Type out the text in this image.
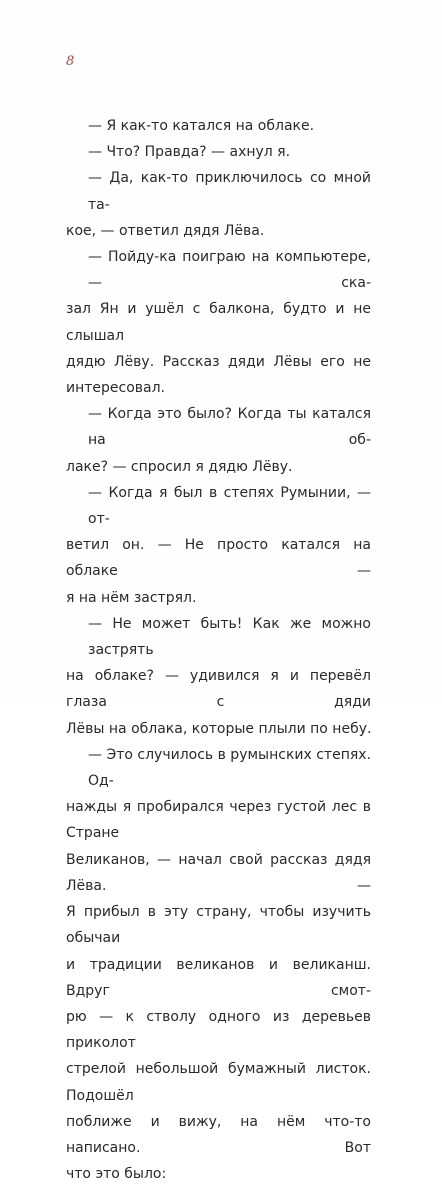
8
— Я как-то катался на облаке.
— Что? Правда? — ахнул я.
— Да, как-то приключилось со мной та-
кое, — ответил дядя Лёва.
— Пойду-ка поиграю на компьютере, — ска-
зал Ян и ушёл с балкона, будто и не слышал
дядю Лёву. Рассказ дяди Лёвы его не интересовал.
— Когда это было? Когда ты катался на об-
лаке? — спросил я дядю Лёву.
— Когда я был в степях Румынии, — от-
ветил он. — Не просто катался на облаке —
я на нём застрял.
— Не может быть! Как же можно застрять
на облаке? — удивился я и перевёл глаза с дяди
Лёвы на облака, которые плыли по небу.
— Это случилось в румынских степях. Од-
нажды я пробирался через густой лес в Стране
Великанов, — начал свой рассказ дядя Лёва. —
Я прибыл в эту страну, чтобы изучить обычаи
и традиции великанов и великанш. Вдруг смот-
рю — к стволу одного из деревьев приколот
стрелой небольшой бумажный листок. Подошёл
поближе и вижу, на нём что-то написано. Вот
что это было:
